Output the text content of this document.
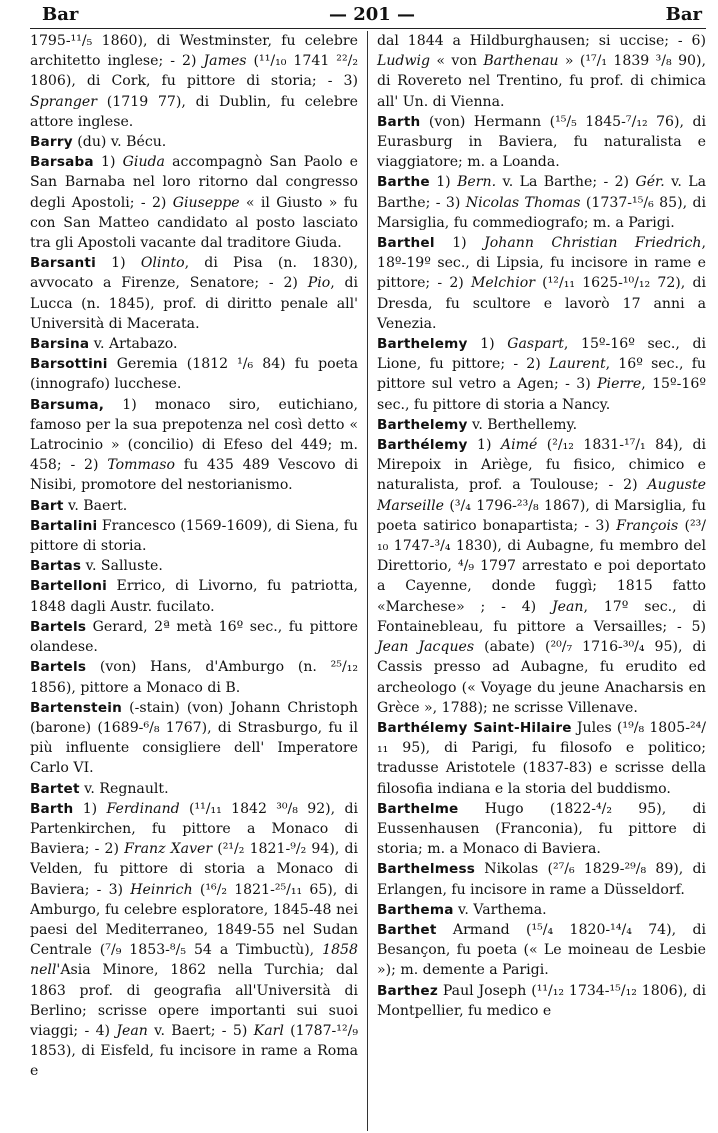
Bar	— 201 —	Bar

1795-¹¹/₅ 1860), di Westminster, fu celebre architetto inglese; - 2) James (¹¹/₁₀ 1741 ²²/₂ 1806), di Cork, fu pittore di storia; - 3) Spranger (1719 77), di Dublin, fu celebre attore inglese.

Barry (du) v. Bécu.

Barsaba 1) Giuda accompagnò San Paolo e San Barnaba nel loro ritorno dal congresso degli Apostoli; - 2) Giuseppe « il Giusto » fu con San Matteo candidato al posto lasciato tra gli Apostoli vacante dal traditore Giuda.

Barsanti 1) Olinto, di Pisa (n. 1830), avvocato a Firenze, Senatore; - 2) Pio, di Lucca (n. 1845), prof. di diritto penale all' Università di Macerata.

Barsina v. Artabazo.

Barsottini Geremia (1812 ¹/₆ 84) fu poeta (innografo) lucchese.

Barsuma, 1) monaco siro, eutichiano, famoso per la sua prepotenza nel così detto « Latrocinio » (concilio) di Efeso del 449; m. 458; - 2) Tommaso fu 435 489 Vescovo di Nisibi, promotore del nestorianismo.

Bart v. Baert.

Bartalini Francesco (1569-1609), di Siena, fu pittore di storia.

Bartas v. Salluste.

Bartelloni Errico, di Livorno, fu patriotta, 1848 dagli Austr. fucilato.

Bartels Gerard, 2ª metà 16º sec., fu pittore olandese.

Bartels (von) Hans, d'Amburgo (n. ²⁵/₁₂ 1856), pittore a Monaco di B.

Bartenstein (-stain) (von) Johann Christoph (barone) (1689-⁶/₈ 1767), di Strasburgo, fu il più influente consigliere dell' Imperatore Carlo VI.

Bartet v. Regnault.

Barth 1) Ferdinand (¹¹/₁₁ 1842 ³⁰/₈ 92), di Partenkirchen, fu pittore a Monaco di Baviera; - 2) Franz Xaver (²¹/₂ 1821-⁹/₂ 94), di Velden, fu pittore di storia a Monaco di Baviera; - 3) Heinrich (¹⁶/₂ 1821-²⁵/₁₁ 65), di Amburgo, fu celebre esploratore, 1845-48 nei paesi del Mediterraneo, 1849-55 nel Sudan Centrale (⁷/₉ 1853-⁸/₅ 54 a Timbuctù), 1858 nell'Asia Minore, 1862 nella Turchia; dal 1863 prof. di geografia all'Università di Berlino; scrisse opere importanti sui suoi viaggi; - 4) Jean v. Baert; - 5) Karl (1787-¹²/₉ 1853), di Eisfeld, fu incisore in rame a Roma e

dal 1844 a Hildburghausen; si uccise; - 6) Ludwig « von Barthenau » (¹⁷/₁ 1839 ³/₈ 90), di Rovereto nel Trentino, fu prof. di chimica all' Un. di Vienna.

Barth (von) Hermann (¹⁵/₅ 1845-⁷/₁₂ 76), di Eurasburg in Baviera, fu naturalista e viaggiatore; m. a Loanda.

Barthe 1) Bern. v. La Barthe; - 2) Gér. v. La Barthe; - 3) Nicolas Thomas (1737-¹⁵/₆ 85), di Marsiglia, fu commediografo; m. a Parigi.

Barthel 1) Johann Christian Friedrich, 18º-19º sec., di Lipsia, fu incisore in rame e pittore; - 2) Melchior (¹²/₁₁ 1625-¹⁰/₁₂ 72), di Dresda, fu scultore e lavorò 17 anni a Venezia.

Barthelemy 1) Gaspart, 15º-16º sec., di Lione, fu pittore; - 2) Laurent, 16º sec., fu pittore sul vetro a Agen; - 3) Pierre, 15º-16º sec., fu pittore di storia a Nancy.

Barthelemy v. Berthellemy.

Barthélemy 1) Aimé (²/₁₂ 1831-¹⁷/₁ 84), di Mirepoix in Ariège, fu fisico, chimico e naturalista, prof. a Toulouse; - 2) Auguste Marseille (³/₄ 1796-²³/₈ 1867), di Marsiglia, fu poeta satirico bonapartista; - 3) François (²³/₁₀ 1747-³/₄ 1830), di Aubagne, fu membro del Direttorio, ⁴/₉ 1797 arrestato e poi deportato a Cayenne, donde fuggì; 1815 fatto «Marchese» ; - 4) Jean, 17º sec., di Fontainebleau, fu pittore a Versailles; - 5) Jean Jacques (abate) (²⁰/₇ 1716-³⁰/₄ 95), di Cassis presso ad Aubagne, fu erudito ed archeologo (« Voyage du jeune Anacharsis en Grèce », 1788); ne scrisse Villenave.

Barthélemy Saint-Hilaire Jules (¹⁹/₈ 1805-²⁴/₁₁ 95), di Parigi, fu filosofo e politico; tradusse Aristotele (1837-83) e scrisse della filosofia indiana e la storia del buddismo.

Barthelme Hugo (1822-⁴/₂ 95), di Eussenhausen (Franconia), fu pittore di storia; m. a Monaco di Baviera.

Barthelmess Nikolas (²⁷/₆ 1829-²⁹/₈ 89), di Erlangen, fu incisore in rame a Düsseldorf.

Barthema v. Varthema.

Barthet Armand (¹⁵/₄ 1820-¹⁴/₄ 74), di Besançon, fu poeta (« Le moineau de Lesbie »); m. demente a Parigi.

Barthez Paul Joseph (¹¹/₁₂ 1734-¹⁵/₁₂ 1806), di Montpellier, fu medico e
